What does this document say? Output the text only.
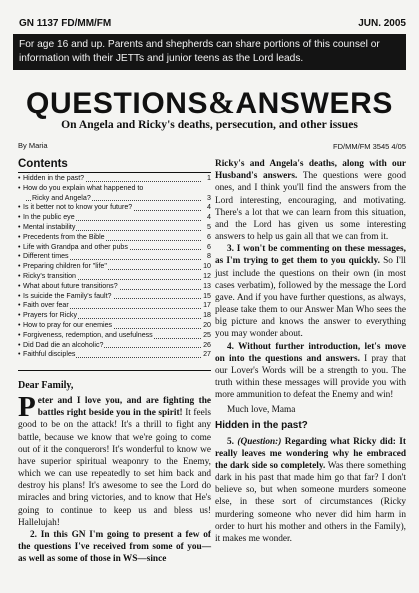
GN 1137 FD/MM/FM	JUN. 2005
For age 16 and up. Parents and shepherds can share portions of this counsel or information with their JETTs and junior teens as the Lord leads.
QUESTIONS&ANSWERS
On Angela and Ricky's deaths, persecution, and other issues
By Maria
Contents
• Hidden in the past?	1
• How do you explain what happened to
Ricky and Angela?	3
• Is it better not to know your future?	4
• In the public eye	4
• Mental instability	5
• Precedents from the Bible	6
• Life with Grandpa and other pubs	6
• Different times	8
• Preparing children for "life"	10
• Ricky's transition	12
• What about future transitions?	13
• Is suicide the Family's fault?	15
• Faith over fear	17
• Prayers for Ricky	18
• How to pray for our enemies	20
• Forgiveness, redemption, and usefulness	25
• Did Dad die an alcoholic?	26
• Faithful disciples	27

Dear Family,

Peter and I love you, and are fighting the battles right beside you in the spirit! It feels good to be on the attack! It's a thrill to fight any battle, because we know that we're going to come out of it the conquerors! It's wonderful to know we have superior spiritual weaponry to the Enemy, which we can use repeatedly to set him back and destroy his plans! It's awesome to see the Lord do miracles and bring victories, and to know that He's going to continue to keep us and bless us! Hallelujah!

2. In this GN I'm going to present a few of the questions I've received from some of you—as well as some of those in WS—since

FD/MM/FM 3545 4/05

Ricky's and Angela's deaths, along with our Husband's answers. The questions were good ones, and I think you'll find the answers from the Lord interesting, encouraging, and motivating. There's a lot that we can learn from this situation, and the Lord has given us some interesting answers to help us gain all that we can from it.

3. I won't be commenting on these messages, as I'm trying to get them to you quickly. So I'll just include the questions on their own (in most cases verbatim), followed by the message the Lord gave. And if you have further questions, as always, please take them to our Answer Man Who sees the big picture and knows the answer to everything you may wonder about.

4. Without further introduction, let's move on into the questions and answers. I pray that our Lover's Words will be a strength to you. The truth within these messages will provide you with more ammunition to defeat the Enemy and win!

Much love, Mama

Hidden in the past?

5. (Question:) Regarding what Ricky did: It really leaves me wondering why he embraced the dark side so completely. Was there something dark in his past that made him go that far? I don't believe so, but when someone murders someone else, in these sort of circumstances (Ricky murdering someone who never did him harm in order to hurt his mother and others in the Family), it makes me wonder.
